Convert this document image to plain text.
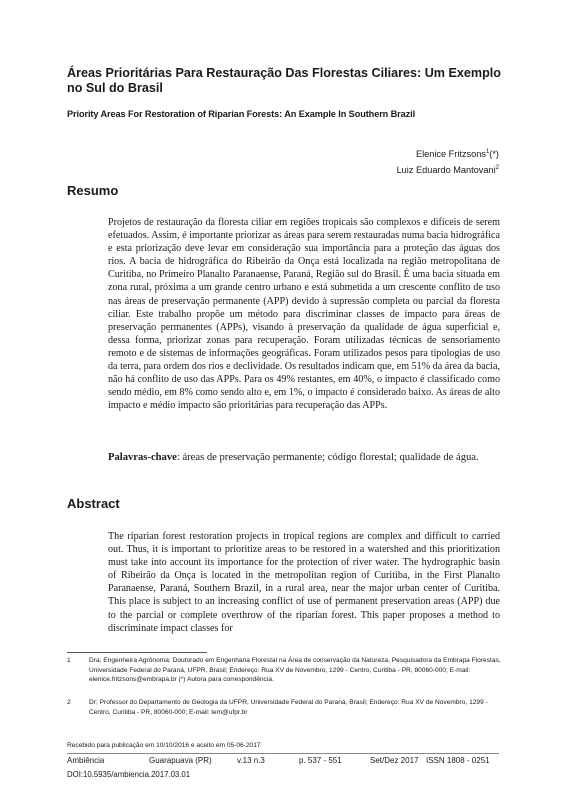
Áreas Prioritárias Para Restauração Das Florestas Ciliares: Um Exemplo no Sul do Brasil
Priority Areas For Restoration of Riparian Forests: An Example In Southern Brazil
Elenice Fritzsons$^1$(*)
Luiz Eduardo Mantovani$^2$
Resumo
Projetos de restauração da floresta ciliar em regiões tropicais são complexos e difíceis de serem efetuados. Assim, é importante priorizar as áreas para serem restauradas numa bacia hidrográfica e esta priorização deve levar em consideração sua importância para a proteção das águas dos rios. A bacia de hidrográfica do Ribeirão da Onça está localizada na região metropolitana de Curitiba, no Primeiro Planalto Paranaense, Paraná, Região sul do Brasil. É uma bacia situada em zona rural, próxima a um grande centro urbano e está submetida a um crescente conflito de uso nas áreas de preservação permanente (APP) devido à supressão completa ou parcial da floresta ciliar. Este trabalho propõe um método para discriminar classes de impacto para áreas de preservação permanentes (APPs), visando à preservação da qualidade de água superficial e, dessa forma, priorizar zonas para recuperação. Foram utilizadas técnicas de sensoriamento remoto e de sistemas de informações geográficas. Foram utilizados pesos para tipologias de uso da terra, para ordem dos rios e declividade. Os resultados indicam que, em 51% da área da bacia, não há conflito de uso das APPs. Para os 49% restantes, em 40%, o impacto é classificado como sendo médio, em 8% como sendo alto e, em 1%, o impacto é considerado baixo. As áreas de alto impacto e médio impacto são prioritárias para recuperação das APPs.
Palavras-chave: áreas de preservação permanente; código florestal; qualidade de água.
Abstract
The riparian forest restoration projects in tropical regions are complex and difficult to carried out. Thus, it is important to prioritize areas to be restored in a watershed and this prioritization must take into account its importance for the protection of river water. The hydrographic basin of Ribeirão da Onça is located in the metropolitan region of Curitiba, in the First Planalto Paranaense, Paraná, Southern Brazil, in a rural area, near the major urban center of Curitiba. This place is subject to an increasing conflict of use of permanent preservation areas (APP) due to the parcial or complete overthrow of the riparian forest. This paper proposes a method to discriminate impact classes for
1	Dra; Engenheira Agrônoma; Doutorado em Engenharia Florestal na Área de conservação da Natureza, Pesquisadora da Embrapa Florestas, Universidade Federal do Paraná, UFPR, Brasil; Endereço: Rua XV de Novembro, 1299 - Centro, Curitiba - PR, 80060-000; E-mail: elenice.fritzsons@embrapa.br (*) Autora para correspondência.
2	Dr; Professor do Departamento de Geologia da UFPR, Universidade Federal do Paraná, Brasil; Endereço: Rua XV de Novembro, 1299 - Centro, Curitiba - PR, 80060-000; E-mail: lem@ufpr.br
Recebido para publicação em 10/10/2016 e aceito em 05-06-2017
Ambiência	Guarapuava (PR)	v.13 n.3	p. 537 - 551	Set/Dez 2017 ISSN 1808 - 0251
DOI:10.5935/ambiencia.2017.03.01
